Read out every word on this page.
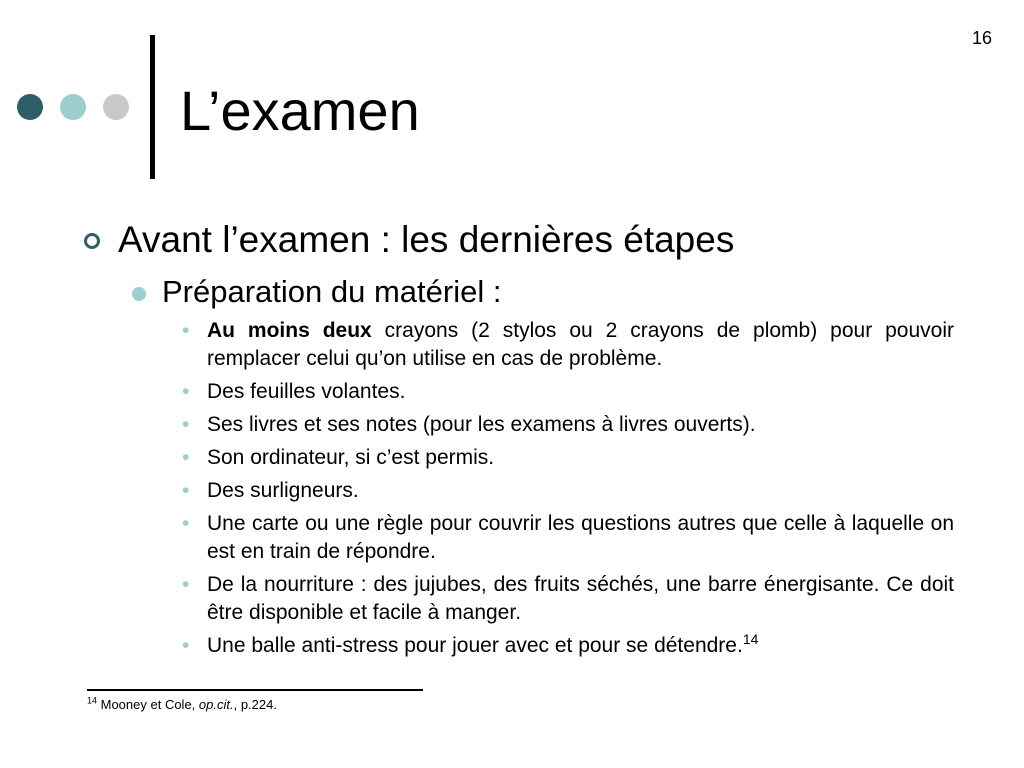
16
L’examen
Avant l’examen : les dernières étapes
Préparation du matériel :
• Au moins deux crayons (2 stylos ou 2 crayons de plomb) pour pouvoir remplacer celui qu’on utilise en cas de problème.
• Des feuilles volantes.
• Ses livres et ses notes (pour les examens à livres ouverts).
• Son ordinateur, si c’est permis.
• Des surligneurs.
• Une carte ou une règle pour couvrir les questions autres que celle à laquelle on est en train de répondre.
• De la nourriture : des jujubes, des fruits séchés, une barre énergisante. Ce doit être disponible et facile à manger.
• Une balle anti-stress pour jouer avec et pour se détendre.$^{14}$
$^{14}$ Mooney et Cole, op.cit., p.224.
